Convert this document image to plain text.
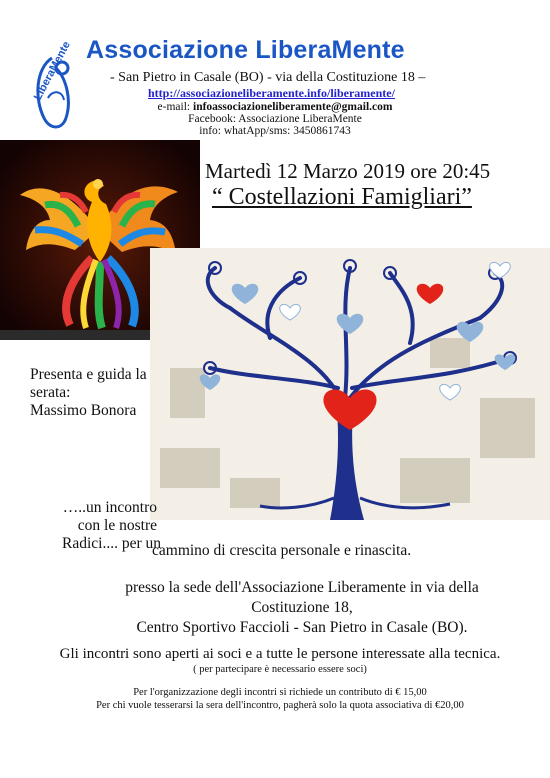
LiberaMente Associazione LiberaMente
- San Pietro in Casale (BO) - via della Costituzione 18 –
http://associazioneliberamente.info/liberamente/
e-mail: infoassociazioneliberamente@gmail.com
Facebook: Associazione LiberaMente
info: whatApp/sms: 3450861743
Martedì 12 Marzo 2019 ore 20:45
“ Costellazioni Famigliari”
Presenta e guida la
serata:
Massimo Bonora
…..un incontro
con le nostre
Radici.... per un
cammino di crescita personale e rinascita.
presso la sede dell'Associazione Liberamente in via della Costituzione 18,
Centro Sportivo Faccioli - San Pietro in Casale (BO).
Gli incontri sono aperti ai soci e a tutte le persone interessate alla tecnica.
( per partecipare è necessario essere soci)
Per l'organizzazione degli incontri si richiede un contributo di € 15,00
Per chi vuole tesserarsi la sera dell'incontro, pagherà solo la quota associativa di €20,00
